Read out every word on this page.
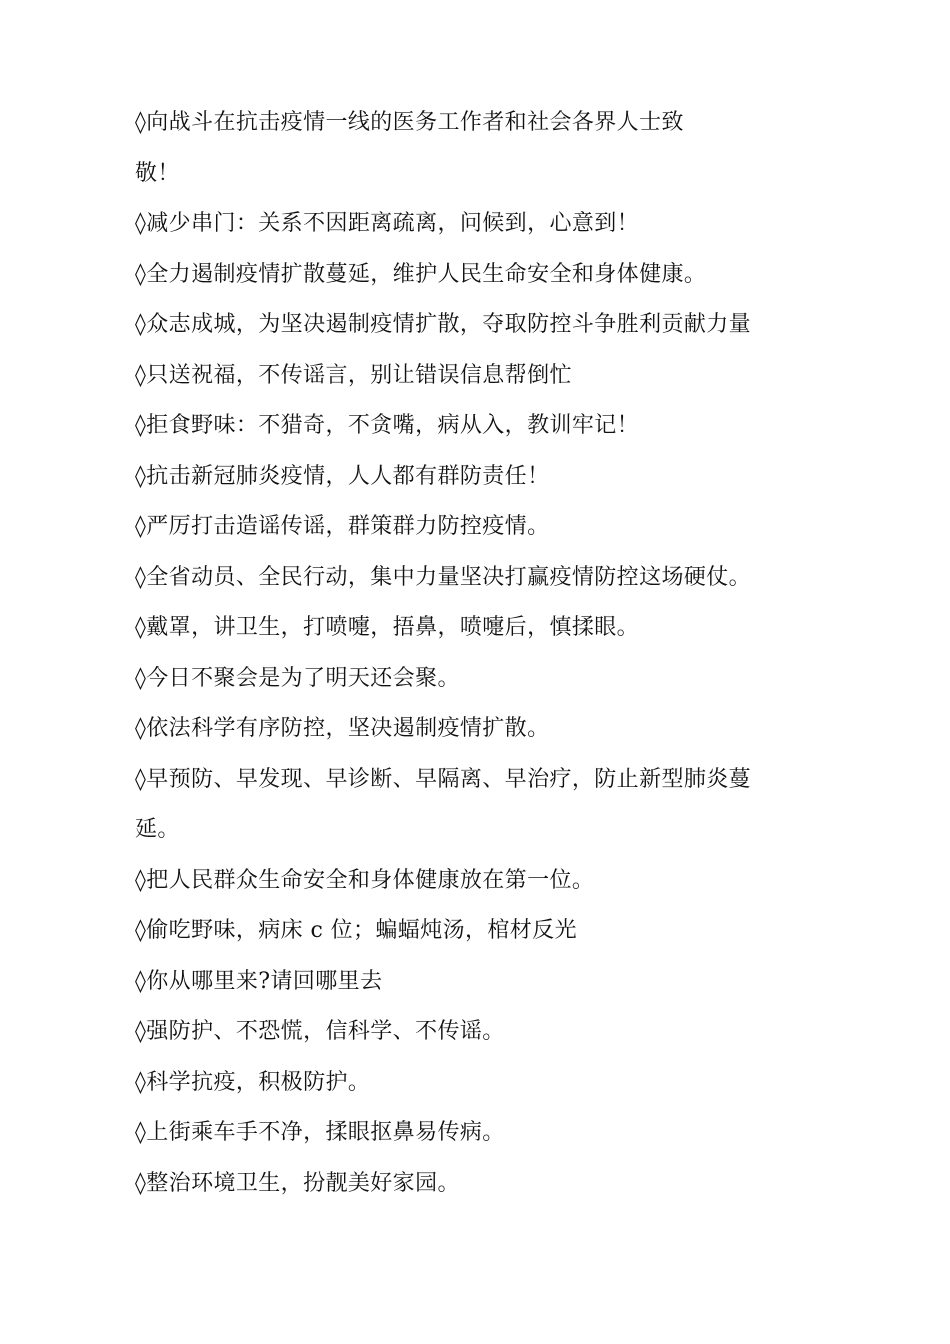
◊向战斗在抗击疫情一线的医务工作者和社会各界人士致
敬！
◊减少串门：关系不因距离疏离，问候到，心意到！
◊全力遏制疫情扩散蔓延，维护人民生命安全和身体健康。
◊众志成城，为坚决遏制疫情扩散，夺取防控斗争胜利贡献力量
◊只送祝福，不传谣言，别让错误信息帮倒忙
◊拒食野味：不猎奇，不贪嘴，病从入，教训牢记！
◊抗击新冠肺炎疫情，人人都有群防责任！
◊严厉打击造谣传谣，群策群力防控疫情。
◊全省动员、全民行动，集中力量坚决打赢疫情防控这场硬仗。
◊戴罩，讲卫生，打喷嚏，捂鼻，喷嚏后，慎揉眼。
◊今日不聚会是为了明天还会聚。
◊依法科学有序防控，坚决遏制疫情扩散。
◊早预防、早发现、早诊断、早隔离、早治疗，防止新型肺炎蔓
延。
◊把人民群众生命安全和身体健康放在第一位。
◊偷吃野味，病床 c 位；蝙蝠炖汤，棺材反光
◊你从哪里来?请回哪里去
◊强防护、不恐慌，信科学、不传谣。
◊科学抗疫，积极防护。
◊上街乘车手不净，揉眼抠鼻易传病。
◊整治环境卫生，扮靓美好家园。
